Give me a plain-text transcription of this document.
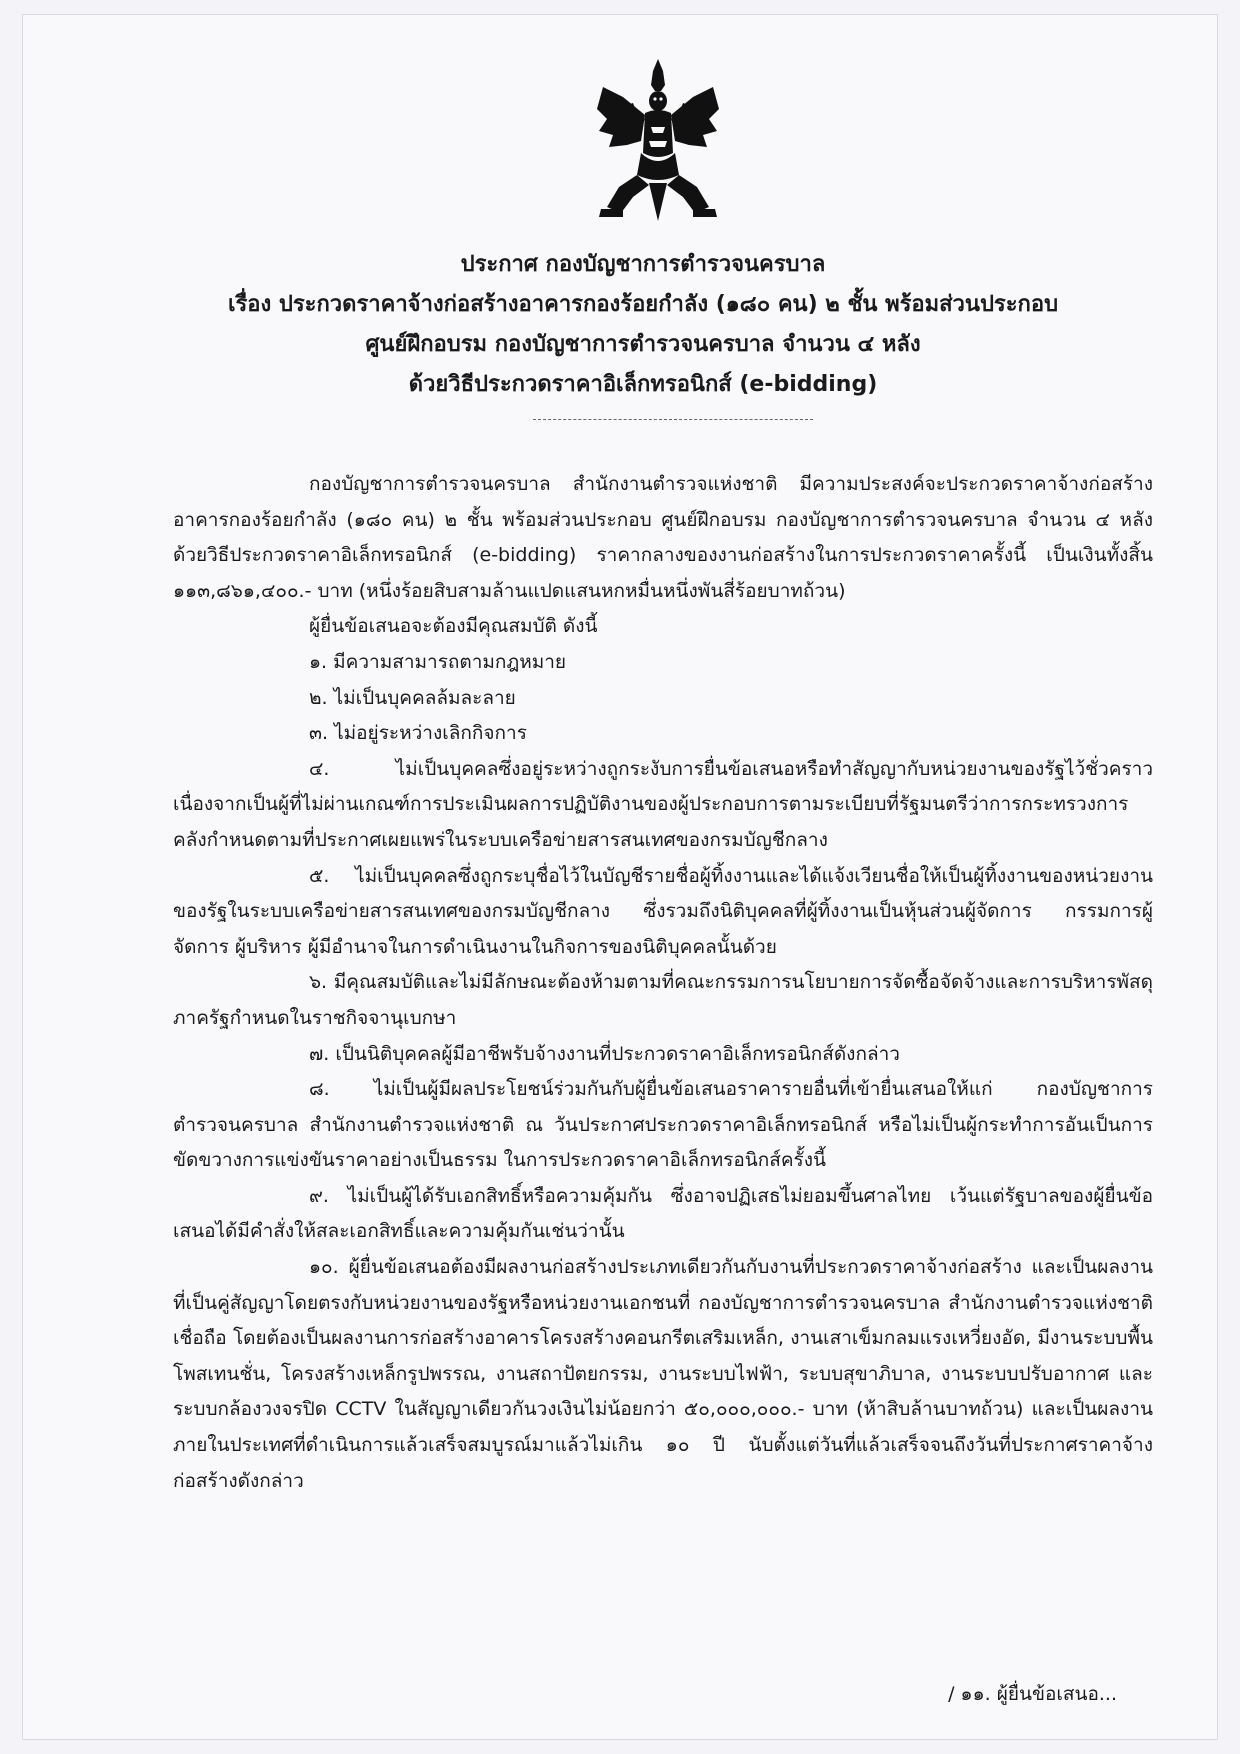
ประกาศ กองบัญชาการตำรวจนครบาล
เรื่อง ประกวดราคาจ้างก่อสร้างอาคารกองร้อยกำลัง (๑๘๐ คน) ๒ ชั้น พร้อมส่วนประกอบ
ศูนย์ฝึกอบรม กองบัญชาการตำรวจนครบาล จำนวน ๔ หลัง
ด้วยวิธีประกวดราคาอิเล็กทรอนิกส์ (e-bidding)

กองบัญชาการตำรวจนครบาล สำนักงานตำรวจแห่งชาติ มีความประสงค์จะประกวดราคาจ้างก่อสร้างอาคารกองร้อยกำลัง (๑๘๐ คน) ๒ ชั้น พร้อมส่วนประกอบ ศูนย์ฝึกอบรม กองบัญชาการตำรวจนครบาล จำนวน ๔ หลัง ด้วยวิธีประกวดราคาอิเล็กทรอนิกส์ (e-bidding) ราคากลางของงานก่อสร้างในการประกวดราคาครั้งนี้ เป็นเงินทั้งสิ้น ๑๑๓,๘๖๑,๔๐๐.- บาท (หนึ่งร้อยสิบสามล้านแปดแสนหกหมื่นหนึ่งพันสี่ร้อยบาทถ้วน)

ผู้ยื่นข้อเสนอจะต้องมีคุณสมบัติ ดังนี้

๑. มีความสามารถตามกฎหมาย

๒. ไม่เป็นบุคคลล้มละลาย

๓. ไม่อยู่ระหว่างเลิกกิจการ

๔. ไม่เป็นบุคคลซึ่งอยู่ระหว่างถูกระงับการยื่นข้อเสนอหรือทำสัญญากับหน่วยงานของรัฐไว้ชั่วคราวเนื่องจากเป็นผู้ที่ไม่ผ่านเกณฑ์การประเมินผลการปฏิบัติงานของผู้ประกอบการตามระเบียบที่รัฐมนตรีว่าการกระทรวงการคลังกำหนดตามที่ประกาศเผยแพร่ในระบบเครือข่ายสารสนเทศของกรมบัญชีกลาง

๕. ไม่เป็นบุคคลซึ่งถูกระบุชื่อไว้ในบัญชีรายชื่อผู้ทิ้งงานและได้แจ้งเวียนชื่อให้เป็นผู้ทิ้งงานของหน่วยงานของรัฐในระบบเครือข่ายสารสนเทศของกรมบัญชีกลาง ซึ่งรวมถึงนิติบุคคลที่ผู้ทิ้งงานเป็นหุ้นส่วนผู้จัดการ กรรมการผู้จัดการ ผู้บริหาร ผู้มีอำนาจในการดำเนินงานในกิจการของนิติบุคคลนั้นด้วย

๖. มีคุณสมบัติและไม่มีลักษณะต้องห้ามตามที่คณะกรรมการนโยบายการจัดซื้อจัดจ้างและการบริหารพัสดุภาครัฐกำหนดในราชกิจจานุเบกษา

๗. เป็นนิติบุคคลผู้มีอาชีพรับจ้างงานที่ประกวดราคาอิเล็กทรอนิกส์ดังกล่าว

๘. ไม่เป็นผู้มีผลประโยชน์ร่วมกันกับผู้ยื่นข้อเสนอราคารายอื่นที่เข้ายื่นเสนอให้แก่ กองบัญชาการตำรวจนครบาล สำนักงานตำรวจแห่งชาติ ณ วันประกาศประกวดราคาอิเล็กทรอนิกส์ หรือไม่เป็นผู้กระทำการอันเป็นการขัดขวางการแข่งขันราคาอย่างเป็นธรรม ในการประกวดราคาอิเล็กทรอนิกส์ครั้งนี้

๙. ไม่เป็นผู้ได้รับเอกสิทธิ์หรือความคุ้มกัน ซึ่งอาจปฏิเสธไม่ยอมขึ้นศาลไทย เว้นแต่รัฐบาลของผู้ยื่นข้อเสนอได้มีคำสั่งให้สละเอกสิทธิ์และความคุ้มกันเช่นว่านั้น

๑๐. ผู้ยื่นข้อเสนอต้องมีผลงานก่อสร้างประเภทเดียวกันกับงานที่ประกวดราคาจ้างก่อสร้าง และเป็นผลงานที่เป็นคู่สัญญาโดยตรงกับหน่วยงานของรัฐหรือหน่วยงานเอกชนที่ กองบัญชาการตำรวจนครบาล สำนักงานตำรวจแห่งชาติ เชื่อถือ โดยต้องเป็นผลงานการก่อสร้างอาคารโครงสร้างคอนกรีตเสริมเหล็ก, งานเสาเข็มกลมแรงเหวี่ยงอัด, มีงานระบบพื้นโพสเทนชั่น, โครงสร้างเหล็กรูปพรรณ, งานสถาปัตยกรรม, งานระบบไฟฟ้า, ระบบสุขาภิบาล, งานระบบปรับอากาศ และระบบกล้องวงจรปิด CCTV ในสัญญาเดียวกันวงเงินไม่น้อยกว่า ๕๐,๐๐๐,๐๐๐.- บาท (ห้าสิบล้านบาทถ้วน) และเป็นผลงานภายในประเทศที่ดำเนินการแล้วเสร็จสมบูรณ์มาแล้วไม่เกิน ๑๐ ปี นับตั้งแต่วันที่แล้วเสร็จจนถึงวันที่ประกาศราคาจ้างก่อสร้างดังกล่าว

/ ๑๑. ผู้ยื่นข้อเสนอ...
